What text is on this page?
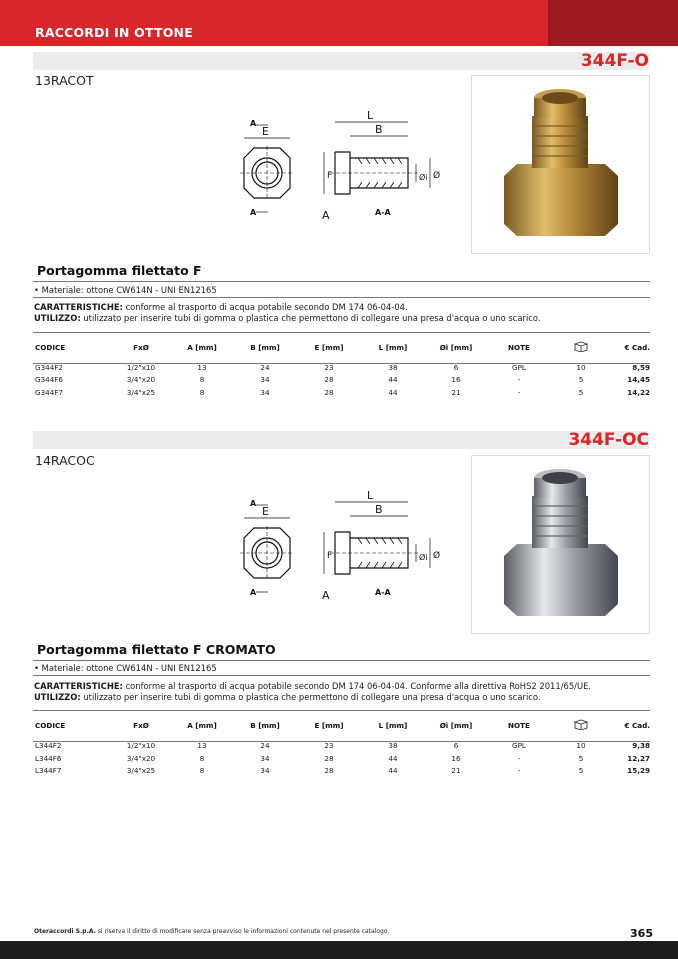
RACCORDI IN OTTONE
344F-O
13RACOT
A
E
A
L
B
F	Øi Ø
A	A-A
Portagomma filettato F
• Materiale: ottone CW614N - UNI EN12165
CARATTERISTICHE: conforme al trasporto di acqua potabile secondo DM 174 06-04-04.
UTILIZZO: utilizzato per inserire tubi di gomma o plastica che permettono di collegare una presa d'acqua o uno scarico.
CODICE	FxØ	A [mm]	B [mm]	E [mm]	L [mm]	Øi [mm]	NOTE	€ Cad.
G344F2	1/2"x10	13	24	23	38	6	GPL	10	8,59
G344F6	3/4"x20	8	34	28	44	16	-	5	14,45
G344F7	3/4"x25	8	34	28	44	21	-	5	14,22
344F-OC
14RACOC
A
E
A
L
B
F	Øi Ø
A	A-A
Portagomma filettato F CROMATO
• Materiale: ottone CW614N - UNI EN12165
CARATTERISTICHE: conforme al trasporto di acqua potabile secondo DM 174 06-04-04. Conforme alla direttiva RoHS2 2011/65/UE.
UTILIZZO: utilizzato per inserire tubi di gomma o plastica che permettono di collegare una presa d'acqua o uno scarico.
CODICE	FxØ	A [mm]	B [mm]	E [mm]	L [mm]	Øi [mm]	NOTE	€ Cad.
L344F2	1/2"x10	13	24	23	38	6	GPL	10	9,38
L344F6	3/4"x20	8	34	28	44	16	-	5	12,27
L344F7	3/4"x25	8	34	28	44	21	-	5	15,29
Oteraccordi S.p.A. si riserva il diritto di modificare senza preavviso le informazioni contenute nel presente catalogo.	365
